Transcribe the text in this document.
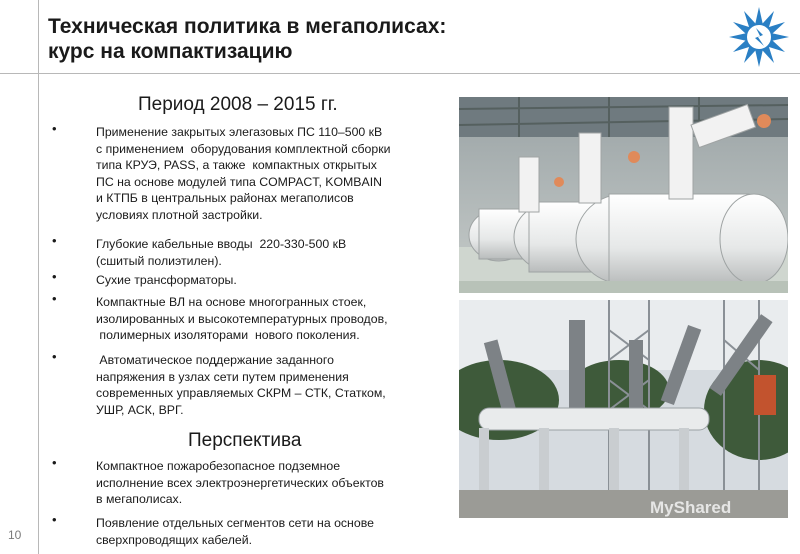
Техническая политика в мегаполисах:
курс на компактизацию
Период 2008 – 2015 гг.
•	Применение закрытых элегазовых ПС 110–500 кВ
с применением  оборудования комплектной сборки
типа КРУЭ, PASS, а также  компактных открытых
ПС на основе модулей типа COMPACT, KOMBAIN
и КТПБ в центральных районах мегаполисов
условиях плотной застройки.
•	Глубокие кабельные вводы  220-330-500 кВ
(сшитый полиэтилен).
•	Сухие трансформаторы.
•	Компактные ВЛ на основе многогранных стоек,
изолированных и высокотемпературных проводов,
полимерных изоляторами  нового поколения.
•	Автоматическое поддержание заданного
напряжения в узлах сети путем применения
современных управляемых СКРМ – СТК, Статком,
УШР, АСК, ВРГ.
Перспектива
•	Компактное пожаробезопасное подземное
исполнение всех электроэнергетических объектов
в мегаполисах.
•	Появление отдельных сегментов сети на основе
сверхпроводящих кабелей.
MyShared
10
